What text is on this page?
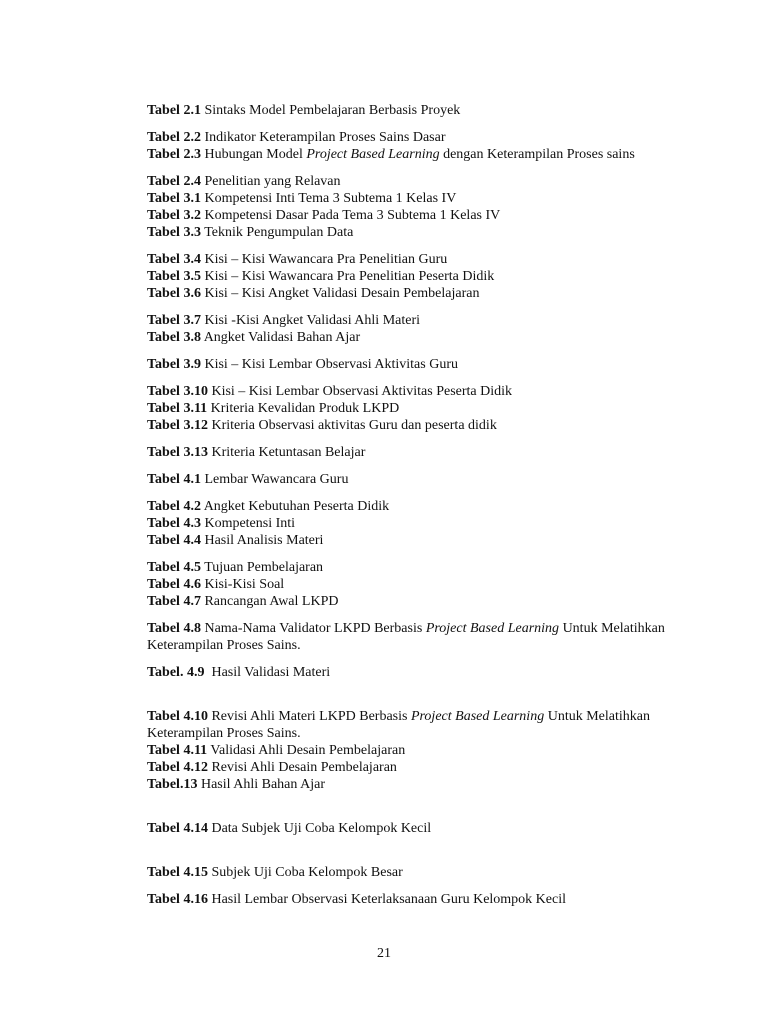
Tabel 2.1 Sintaks Model Pembelajaran Berbasis Proyek

Tabel 2.2 Indikator Keterampilan Proses Sains Dasar

Tabel 2.3 Hubungan Model Project Based Learning dengan Keterampilan Proses sains

Tabel 2.4 Penelitian yang Relavan

Tabel 3.1 Kompetensi Inti Tema 3 Subtema 1 Kelas IV

Tabel 3.2 Kompetensi Dasar Pada Tema 3 Subtema 1 Kelas IV

Tabel 3.3 Teknik Pengumpulan Data

Tabel 3.4 Kisi – Kisi Wawancara Pra Penelitian Guru

Tabel 3.5 Kisi – Kisi Wawancara Pra Penelitian Peserta Didik

Tabel 3.6 Kisi – Kisi Angket Validasi Desain Pembelajaran

Tabel 3.7 Kisi -Kisi Angket Validasi Ahli Materi

Tabel 3.8 Angket Validasi Bahan Ajar

Tabel 3.9 Kisi – Kisi Lembar Observasi Aktivitas Guru

Tabel 3.10 Kisi – Kisi Lembar Observasi Aktivitas Peserta Didik

Tabel 3.11 Kriteria Kevalidan Produk LKPD

Tabel 3.12 Kriteria Observasi aktivitas Guru dan peserta didik

Tabel 3.13 Kriteria Ketuntasan Belajar

Tabel 4.1 Lembar Wawancara Guru

Tabel 4.2 Angket Kebutuhan Peserta Didik

Tabel 4.3 Kompetensi Inti

Tabel 4.4 Hasil Analisis Materi

Tabel 4.5 Tujuan Pembelajaran

Tabel 4.6 Kisi-Kisi Soal

Tabel 4.7 Rancangan Awal LKPD

Tabel 4.8 Nama-Nama Validator LKPD Berbasis Project Based Learning Untuk Melatihkan Keterampilan Proses Sains.

Tabel. 4.9 Hasil Validasi Materi

Tabel 4.10 Revisi Ahli Materi LKPD Berbasis Project Based Learning Untuk Melatihkan Keterampilan Proses Sains.

Tabel 4.11 Validasi Ahli Desain Pembelajaran

Tabel 4.12 Revisi Ahli Desain Pembelajaran

Tabel.13 Hasil Ahli Bahan Ajar

Tabel 4.14 Data Subjek Uji Coba Kelompok Kecil

Tabel 4.15 Subjek Uji Coba Kelompok Besar

Tabel 4.16 Hasil Lembar Observasi Keterlaksanaan Guru Kelompok Kecil

21
